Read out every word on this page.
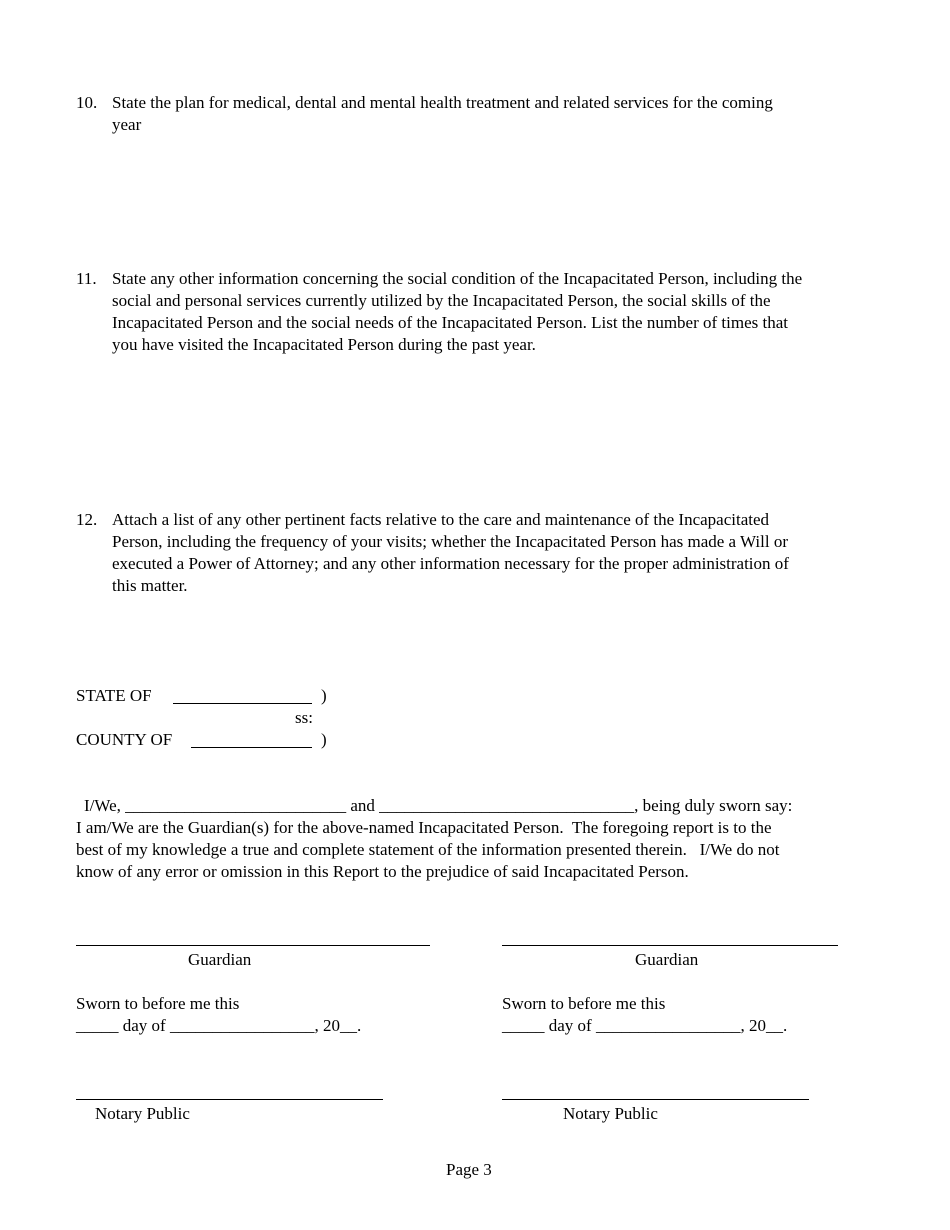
10. State the plan for medical, dental and mental health treatment and related services for the coming
year
11. State any other information concerning the social condition of the Incapacitated Person, including the
social and personal services currently utilized by the Incapacitated Person, the social skills of the
Incapacitated Person and the social needs of the Incapacitated Person. List the number of times that
you have visited the Incapacitated Person during the past year.
12. Attach a list of any other pertinent facts relative to the care and maintenance of the Incapacitated
Person, including the frequency of your visits; whether the Incapacitated Person has made a Will or
executed a Power of Attorney; and any other information necessary for the proper administration of
this matter.
STATE OF	)
ss:
COUNTY OF	)
I/We, __________________________ and ______________________________, being duly sworn say:
I am/We are the Guardian(s) for the above-named Incapacitated Person.  The foregoing report is to the
best of my knowledge a true and complete statement of the information presented therein.   I/We do not
know of any error or omission in this Report to the prejudice of said Incapacitated Person.
Guardian
Sworn to before me this
_____ day of _________________, 20__.
Notary Public
Guardian
Sworn to before me this
_____ day of _________________, 20__.
Notary Public
Page 3
